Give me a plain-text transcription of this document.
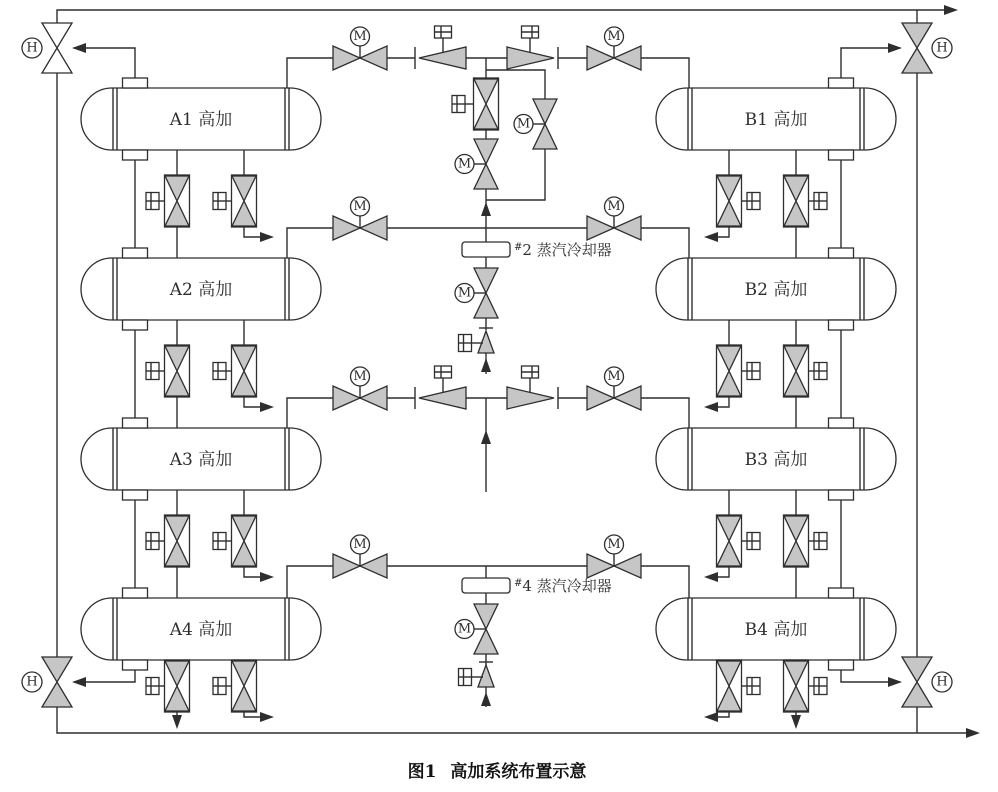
A1 高加
A2 高加
A3 高加
A4 高加
B1 高加
B2 高加
B3 高加
B4 高加
M	M
M	M
M	M
M	M
M
M
M
M
#2 蒸汽冷却器
#4 蒸汽冷却器
H	H
H	H
图1 高加系统布置示意
